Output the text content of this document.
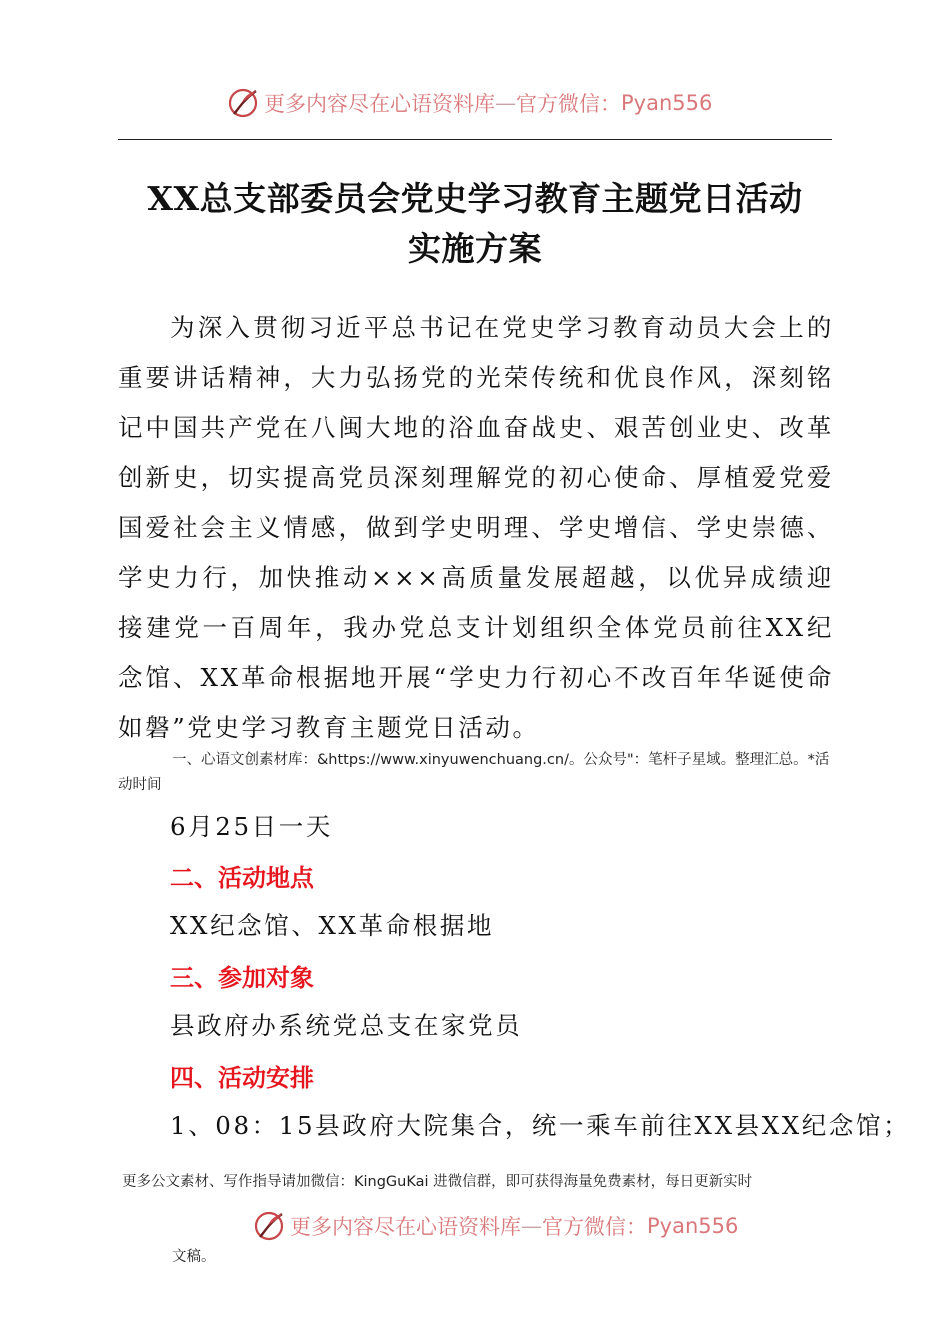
更多内容尽在心语资料库 — 官方微信： Pyan556
XX总支部委员会党史学习教育主题党日活动
实施方案
为深入贯彻习近平总书记在党史学习教育动员大会上的重要讲话精神，大力弘扬党的光荣传统和优良作风，深刻铭记中国共产党在八闽大地的浴血奋战史、艰苦创业史、改革创新史，切实提高党员深刻理解党的初心使命、厚植爱党爱国爱社会主义情感，做到学史明理、学史增信、学史崇德、学史力行，加快推动×××高质量发展超越，以优异成绩迎接建党一百周年，我办党总支计划组织全体党员前往XX纪念馆、XX革命根据地开展“学史力行初心不改百年华诞使命如磐”党史学习教育主题党日活动。
一、心语文创素材库：&https://www.xinyuwenchuang.cn/。公众号"：笔杆子星域。整理汇总。*活动时间
6月25日一天
二、活动地点
XX纪念馆、XX革命根据地
三、参加对象
县政府办系统党总支在家党员
四、活动安排
1、08：15县政府大院集合，统一乘车前往XX县XX纪念馆；
更多公文素材、写作指导请加微信：KingGuKai 进微信群，即可获得海量免费素材，每日更新实时
更多内容尽在心语资料库 — 官方微信： Pyan556
文稿。
